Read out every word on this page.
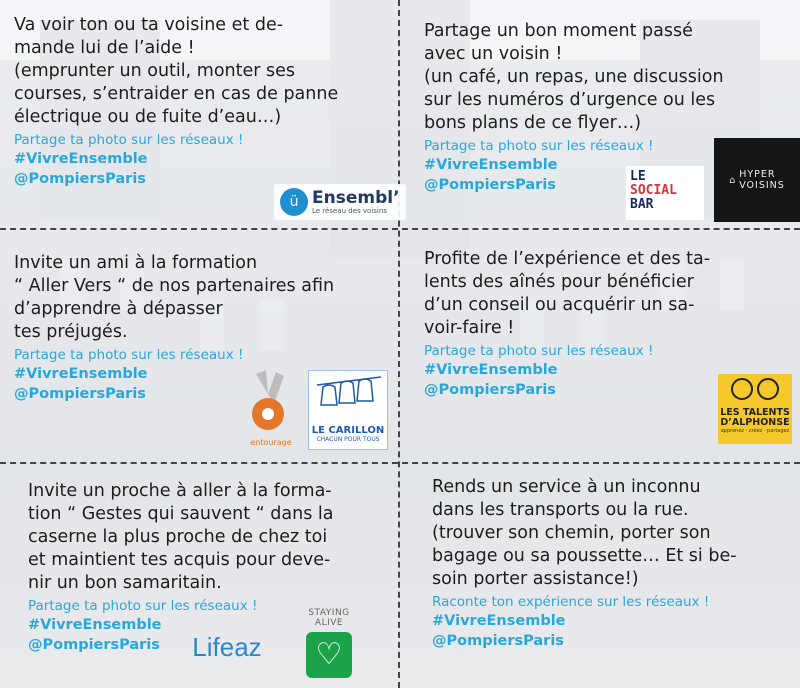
Va voir ton ou ta voisine et de-
mande lui de l’aide !
(emprunter un outil, monter ses
courses, s’entraider en cas de panne
électrique ou de fuite d’eau…)

Partage ta photo sur les réseaux !

#VivreEnsemble

@PompiersParis

ü Ensembl’
Le réseau des voisins

Partage un bon moment passé
avec un voisin !
(un café, un repas, une discussion
sur les numéros d’urgence ou les
bons plans de ce flyer…)

Partage ta photo sur les réseaux !

#VivreEnsemble

@PompiersParis

LE
SOCIAL
BAR
⌂ HYPER
VOISINS

Invite un ami à la formation
“ Aller Vers “ de nos partenaires afin
d’apprendre à dépasser
tes préjugés.

Partage ta photo sur les réseaux !

#VivreEnsemble

@PompiersParis

entourage
LE CARILLON
CHACUN POUR TOUS

Profite de l’expérience et des ta-
lents des aînés pour bénéficier
d’un conseil ou acquérir un sa-
voir-faire !

Partage ta photo sur les réseaux !

#VivreEnsemble

@PompiersParis

LES TALENTS
D’ALPHONSE
apprenez · créez · partagez

Invite un proche à aller à la forma-
tion “ Gestes qui sauvent “ dans la
caserne la plus proche de chez toi
et maintient tes acquis pour deve-
nir un bon samaritain.

Partage ta photo sur les réseaux !

#VivreEnsemble

@PompiersParis	Lifeaz
STAYING ALIVE
♡

Rends un service à un inconnu
dans les transports ou la rue.
(trouver son chemin, porter son
bagage ou sa poussette… Et si be-
soin porter assistance!)

Raconte ton expérience sur les réseaux !

#VivreEnsemble

@PompiersParis
